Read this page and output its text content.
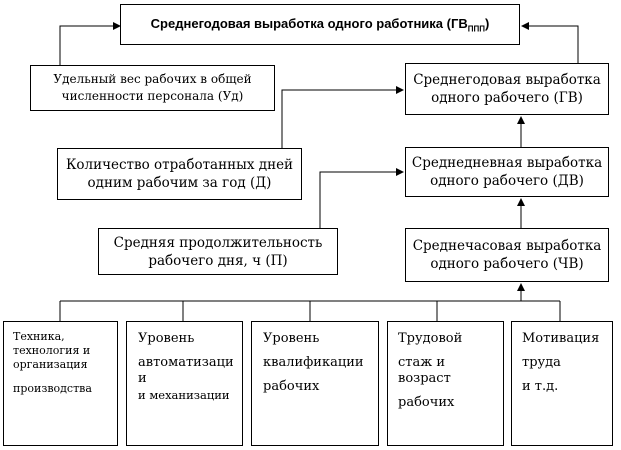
Среднегодовая выработка одного работника $(ГВ_{ППП})$
Удельный вес рабочих в общей
численности персонала (Уд)
Среднегодовая выработка
одного рабочего (ГВ)
Количество отработанных дней
одним рабочим за год (Д)
Среднедневная выработка
одного рабочего (ДВ)
Средняя продолжительность
рабочего дня, ч (П)
Среднечасовая выработка
одного рабочего (ЧВ)
Техника,
технология и
организация
производства
Уровень
автоматизаци
и
и механизации
Уровень
квалификации
рабочих
Трудовой
стаж и
возраст
рабочих
Мотивация
труда
и т.д.
